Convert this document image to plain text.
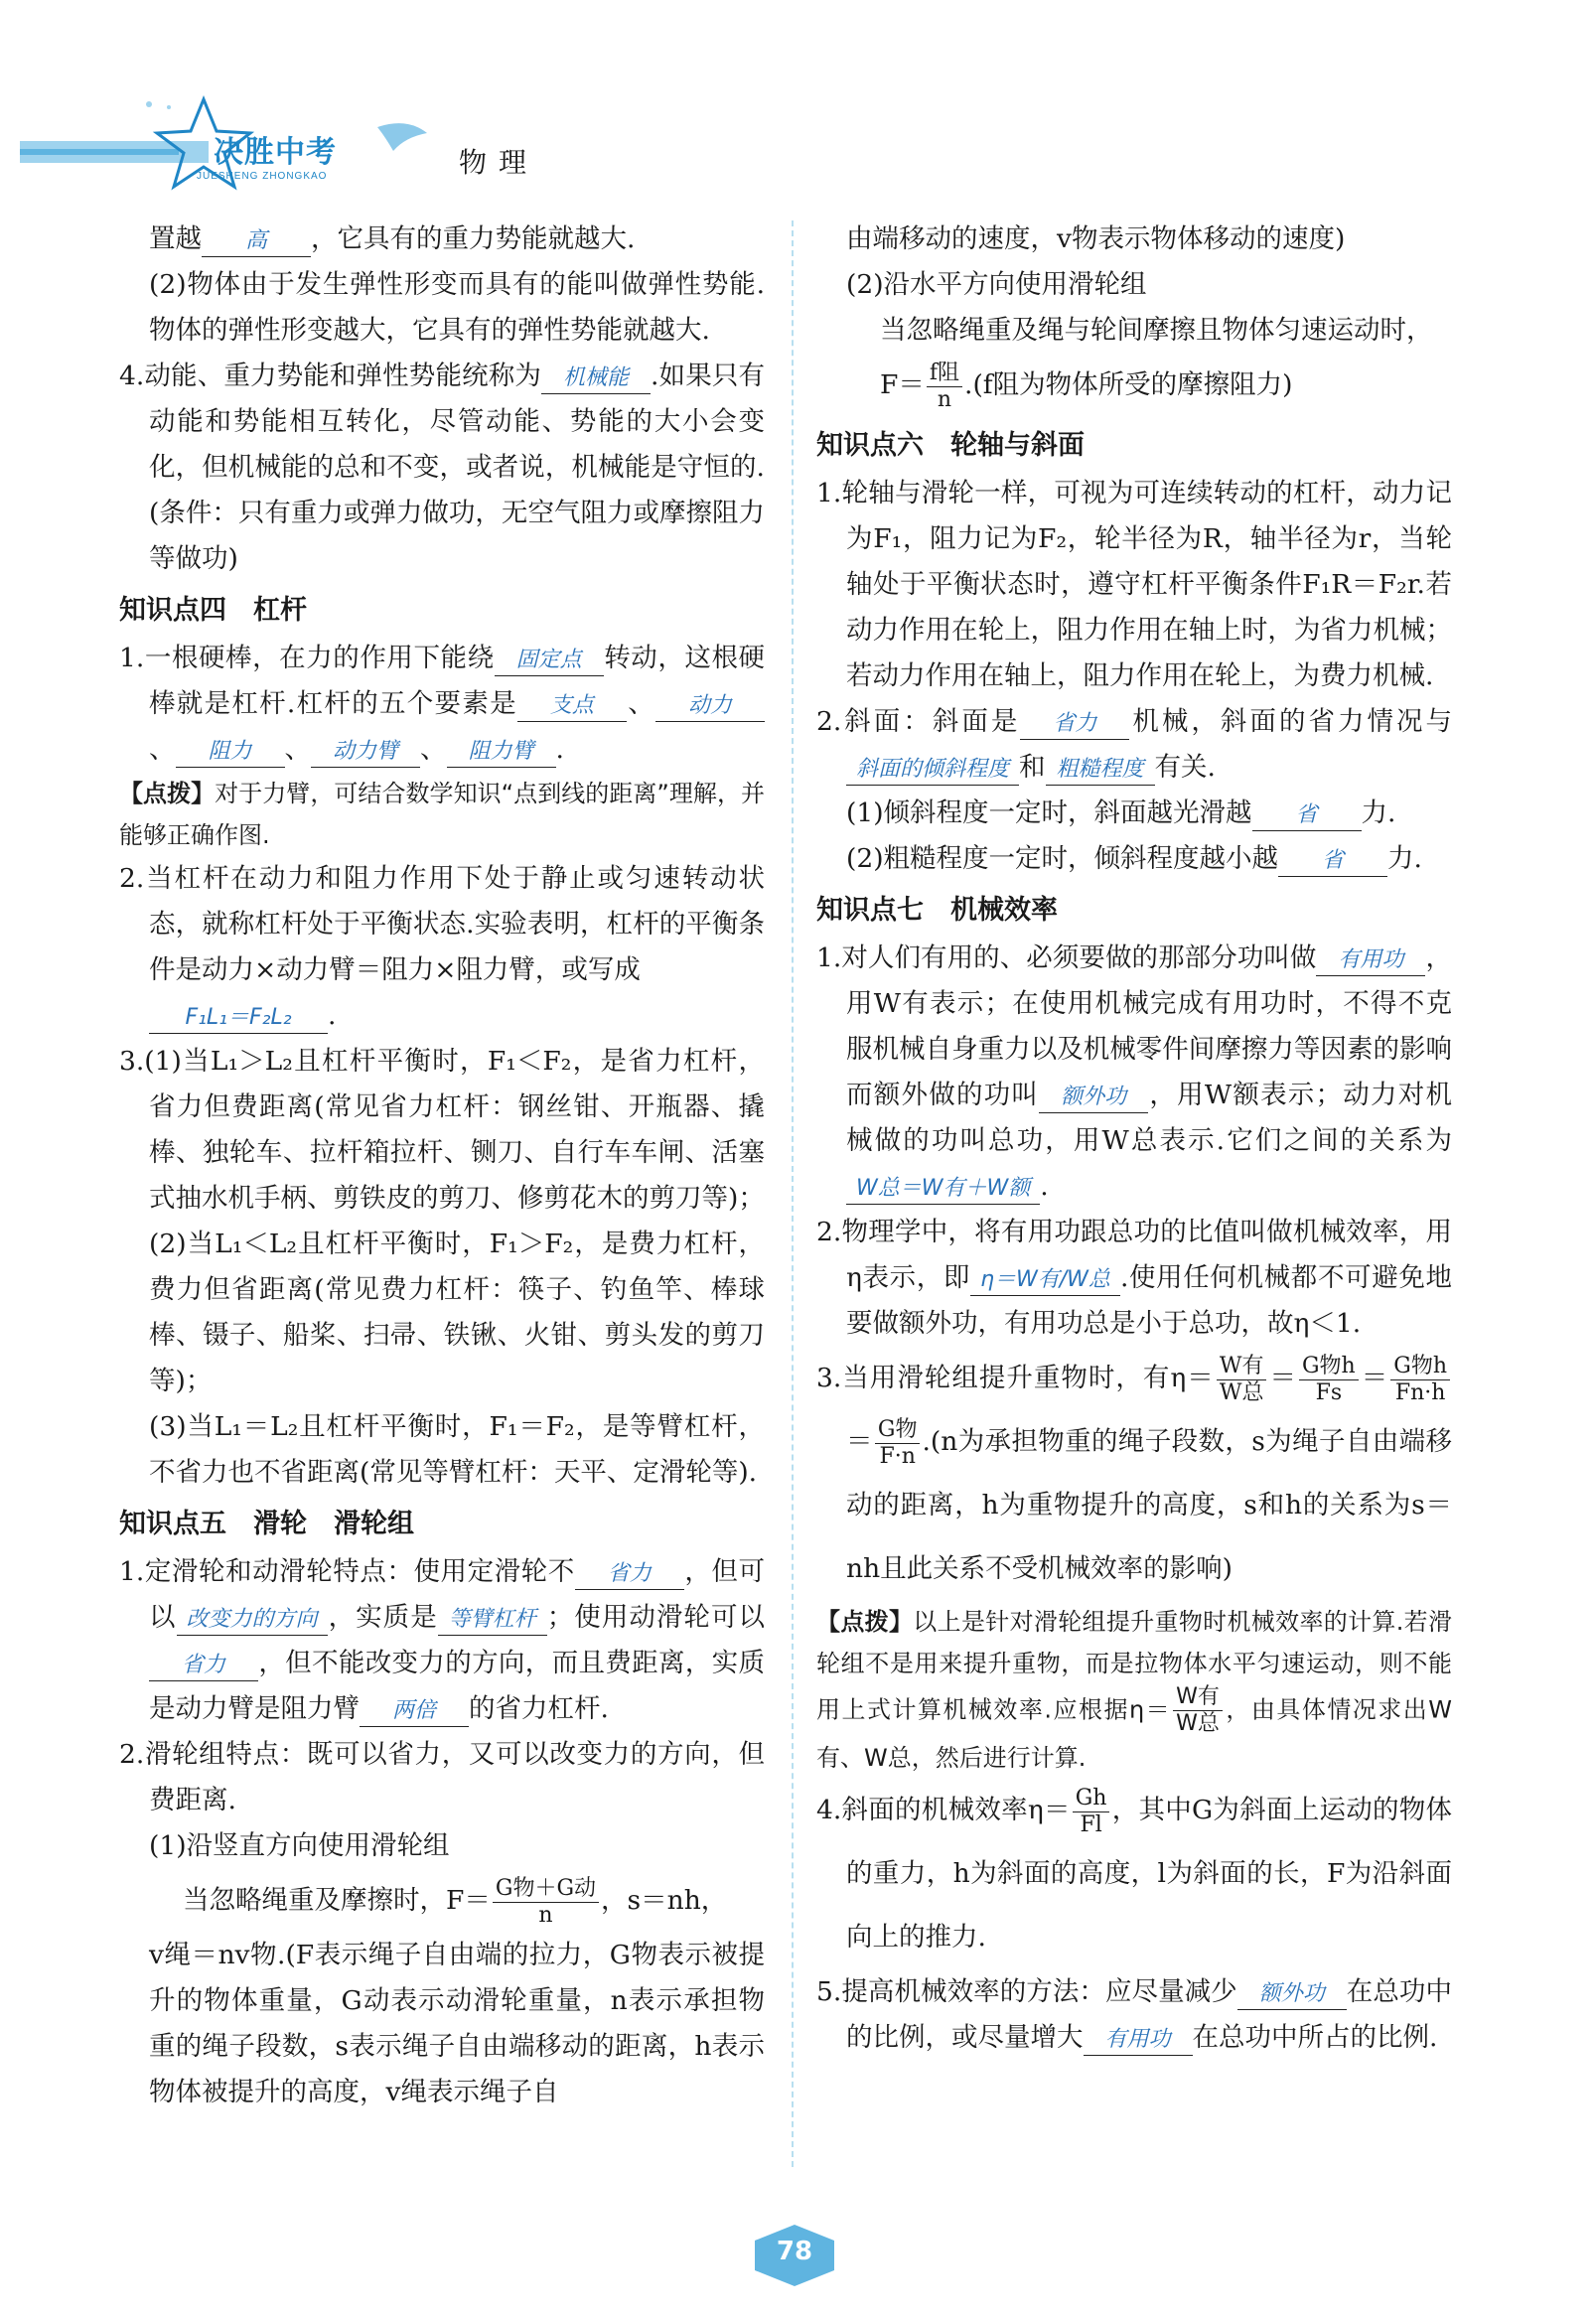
决胜中考
JUESHENG ZHONGKAO	物理

置越 高 ，它具有的重力势能就越大.

(2)物体由于发生弹性形变而具有的能叫做弹性势能.物体的弹性形变越大，它具有的弹性势能就越大.

4.动能、重力势能和弹性势能统称为 机械能 .如果只有动能和势能相互转化，尽管动能、势能的大小会变化，但机械能的总和不变，或者说，机械能是守恒的.(条件：只有重力或弹力做功，无空气阻力或摩擦阻力等做功)

知识点四　杠杆

1.一根硬棒，在力的作用下能绕 固定点 转动，这根硬棒就是杠杆.杠杆的五个要素是 支点 、 动力、 阻力 、 动力臂 、 阻力臂 .

【点拨】对于力臂，可结合数学知识“点到线的距离”理解，并能够正确作图.

2.当杠杆在动力和阻力作用下处于静止或匀速转动状态，就称杠杆处于平衡状态.实验表明，杠杆的平衡条件是动力×动力臂＝阻力×阻力臂，或写成
F₁L₁＝F₂L₂ .

3.(1)当L₁＞L₂且杠杆平衡时，F₁＜F₂，是省力杠杆，省力但费距离(常见省力杠杆：钢丝钳、开瓶器、撬棒、独轮车、拉杆箱拉杆、铡刀、自行车车闸、活塞式抽水机手柄、剪铁皮的剪刀、修剪花木的剪刀等)；

(2)当L₁＜L₂且杠杆平衡时，F₁＞F₂，是费力杠杆，费力但省距离(常见费力杠杆：筷子、钓鱼竿、棒球棒、镊子、船桨、扫帚、铁锹、火钳、剪头发的剪刀等)；

(3)当L₁＝L₂且杠杆平衡时，F₁＝F₂，是等臂杠杆，不省力也不省距离(常见等臂杠杆：天平、定滑轮等).

知识点五　滑轮　滑轮组

1.定滑轮和动滑轮特点：使用定滑轮不 省力 ，但可以 改变力的方向 ，实质是 等臂杠杆 ；使用动滑轮可以省力 ，但不能改变力的方向，而且费距离，实质是动力臂是阻力臂 两倍 的省力杠杆.

2.滑轮组特点：既可以省力，又可以改变力的方向，但费距离.

(1)沿竖直方向使用滑轮组

当忽略绳重及摩擦时，$F= \frac{\text{G物＋G动}}{n}$ ，s＝nh，

v绳＝nv物.(F表示绳子自由端的拉力，G物表示被提升的物体重量，G动表示动滑轮重量，n表示承担物重的绳子段数，s表示绳子自由端移动的距离，h表示物体被提升的高度，v绳表示绳子自

由端移动的速度，v物表示物体移动的速度)

(2)沿水平方向使用滑轮组

当忽略绳重及绳与轮间摩擦且物体匀速运动时，

$F= \frac{\text{f阻}}{n} .(f$阻为物体所受的摩擦阻力)

知识点六　轮轴与斜面

1.轮轴与滑轮一样，可视为可连续转动的杠杆，动力记为F₁，阻力记为F₂，轮半径为R，轴半径为r，当轮轴处于平衡状态时，遵守杠杆平衡条件F₁R＝F₂r.若动力作用在轮上，阻力作用在轴上时，为省力机械；若动力作用在轴上，阻力作用在轮上，为费力机械.

2.斜面：斜面是 省力 机械，斜面的省力情况与斜面的倾斜程度 和 粗糙程度 有关.

(1)倾斜程度一定时，斜面越光滑越 省 力.

(2)粗糙程度一定时，倾斜程度越小越 省 力.

知识点七　机械效率

1.对人们有用的、必须要做的那部分功叫做 有用功 ，用W有表示；在使用机械完成有用功时，不得不克服机械自身重力以及机械零件间摩擦力等因素的影响而额外做的功叫 额外功 ，用W额表示；动力对机械做的功叫总功，用W总表示.它们之间的关系为W总＝W有＋W额 .

2.物理学中，将有用功跟总功的比值叫做机械效率，用η表示，即 η＝W有/W总 .使用任何机械都不可避免地要做额外功，有用功总是小于总功，故η＜1.

3.当用滑轮组提升重物时，有$\eta= \frac{\text{W有}}{\text{W总}} = \frac{\text{G物h}}{Fs} = \frac{\text{G物h}}{Fn\cdot h}$
＝ $\frac{\text{G物}}{F\cdot n} .(n$为承担物重的绳子段数，s为绳子自由端移动的距离，h为重物提升的高度，s和h的关系为s＝nh且此关系不受机械效率的影响)

【点拨】以上是针对滑轮组提升重物时机械效率的计算.若滑轮组不是用来提升重物，而是拉物体水平匀速运动，则不能用上式计算机械效率.应根据$\eta= \frac{\text{W有}}{\text{W总}}$ ，由具体情况求出W有、W总，然后进行计算.

4.斜面的机械效率$\eta= \frac{Gh}{Fl}$ ，其中G为斜面上运动的物体的重力，h为斜面的高度，l为斜面的长，F为沿斜面向上的推力.

5.提高机械效率的方法：应尽量减少 额外功 在总功中的比例，或尽量增大 有用功 在总功中所占的比例.

78
